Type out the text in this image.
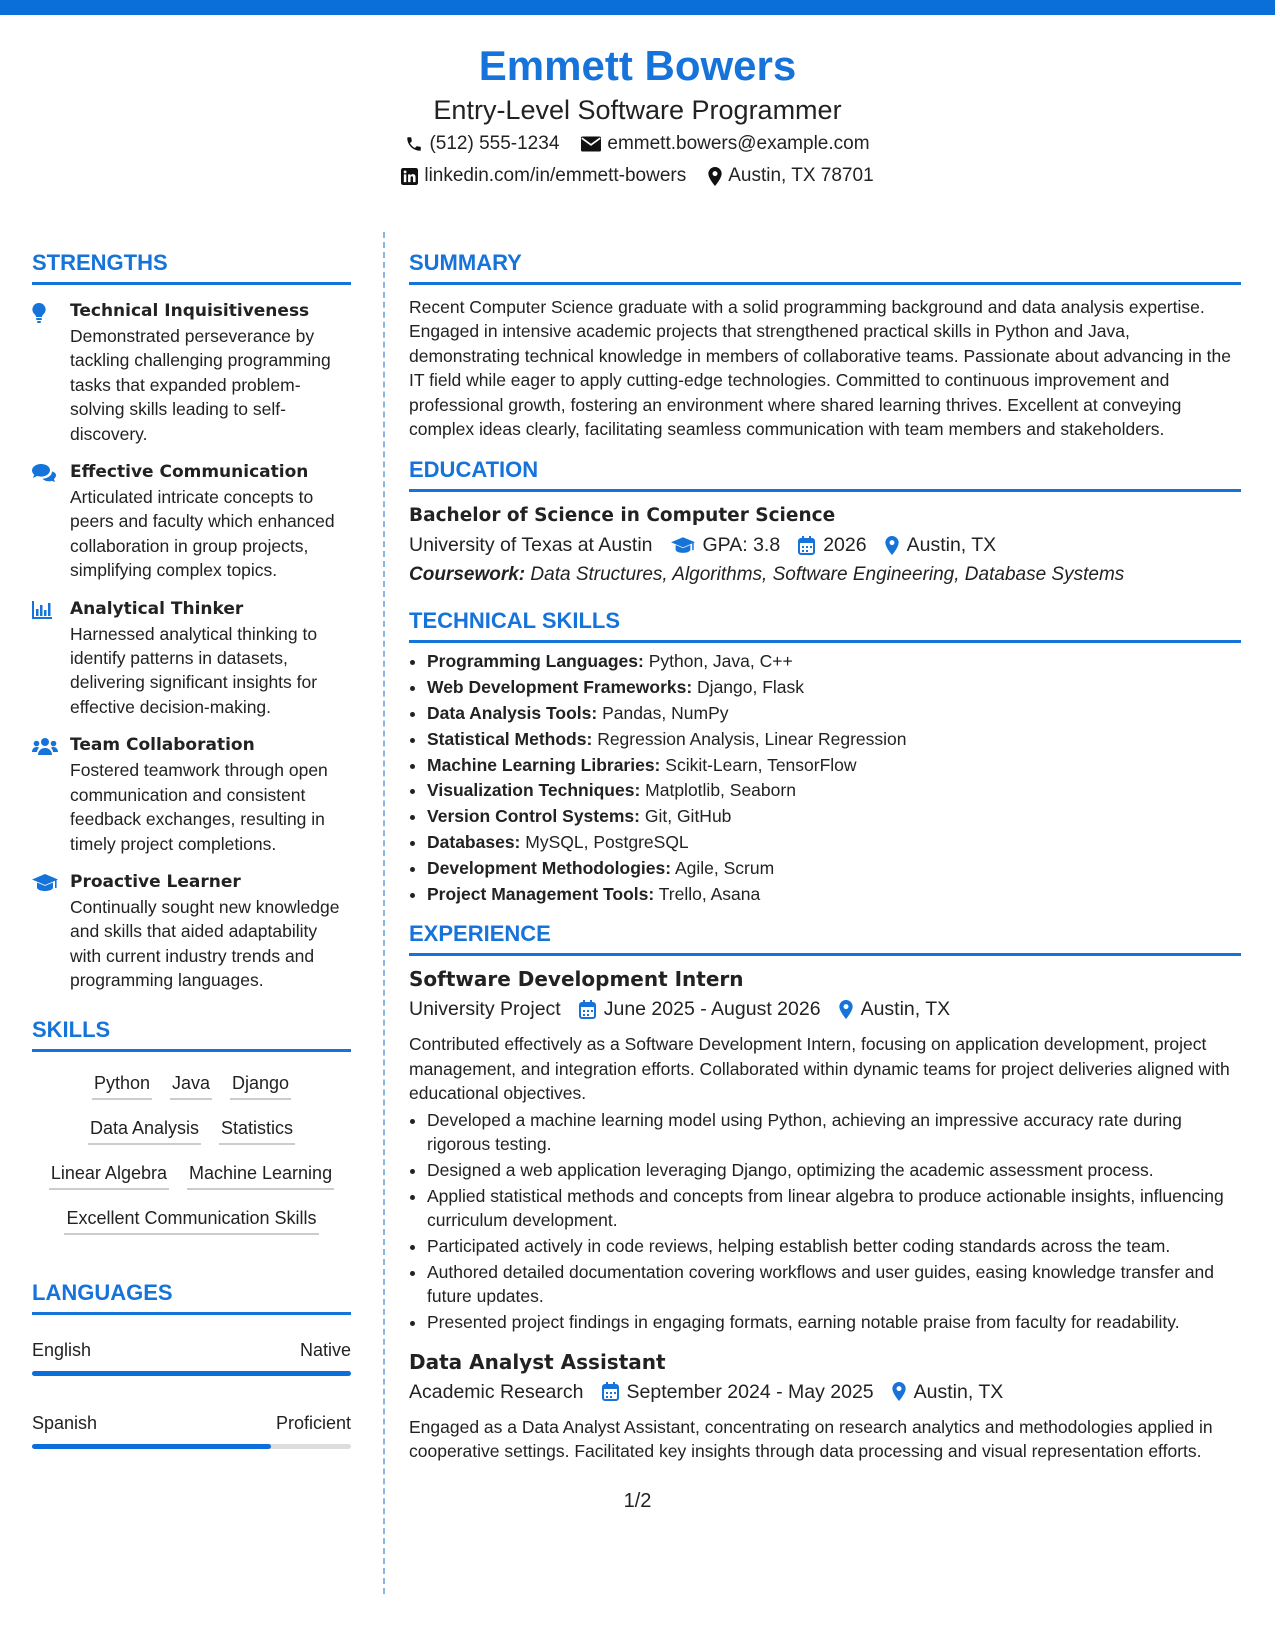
Emmett Bowers
Entry-Level Software Programmer
(512) 555-1234	emmett.bowers@example.com
linkedin.com/in/emmett-bowers Austin, TX 78701
STRENGTHS
Technical Inquisitiveness
Demonstrated perseverance by tackling challenging programming tasks that expanded problem-solving skills leading to self-discovery.
Effective Communication
Articulated intricate concepts to peers and faculty which enhanced collaboration in group projects, simplifying complex topics.
Analytical Thinker
Harnessed analytical thinking to identify patterns in datasets, delivering significant insights for effective decision-making.
Team Collaboration
Fostered teamwork through open communication and consistent feedback exchanges, resulting in timely project completions.
Proactive Learner
Continually sought new knowledge and skills that aided adaptability with current industry trends and programming languages.
SKILLS
Python Java Django
Data Analysis Statistics
Linear Algebra Machine Learning
Excellent Communication Skills
LANGUAGES
English	Native
Spanish	Proficient
SUMMARY

Recent Computer Science graduate with a solid programming background and data analysis expertise. Engaged in intensive academic projects that strengthened practical skills in Python and Java, demonstrating technical knowledge in members of collaborative teams. Passionate about advancing in the IT field while eager to apply cutting-edge technologies. Committed to continuous improvement and professional growth, fostering an environment where shared learning thrives. Excellent at conveying complex ideas clearly, facilitating seamless communication with team members and stakeholders.

EDUCATION
Bachelor of Science in Computer Science
University of Texas at Austin	GPA: 3.8 2026 Austin, TX
Coursework: Data Structures, Algorithms, Software Engineering, Database Systems
TECHNICAL SKILLS
• Programming Languages: Python, Java, C++
• Web Development Frameworks: Django, Flask
• Data Analysis Tools: Pandas, NumPy
• Statistical Methods: Regression Analysis, Linear Regression
• Machine Learning Libraries: Scikit-Learn, TensorFlow
• Visualization Techniques: Matplotlib, Seaborn
• Version Control Systems: Git, GitHub
• Databases: MySQL, PostgreSQL
• Development Methodologies: Agile, Scrum
• Project Management Tools: Trello, Asana
EXPERIENCE
Software Development Intern
University Project June 2025 - August 2026 Austin, TX

Contributed effectively as a Software Development Intern, focusing on application development, project management, and integration efforts. Collaborated within dynamic teams for project deliveries aligned with educational objectives.

• Developed a machine learning model using Python, achieving an impressive accuracy rate during rigorous testing.
• Designed a web application leveraging Django, optimizing the academic assessment process.
• Applied statistical methods and concepts from linear algebra to produce actionable insights, influencing curriculum development.
• Participated actively in code reviews, helping establish better coding standards across the team.
• Authored detailed documentation covering workflows and user guides, easing knowledge transfer and future updates.
• Presented project findings in engaging formats, earning notable praise from faculty for readability.
Data Analyst Assistant
Academic Research September 2024 - May 2025 Austin, TX

Engaged as a Data Analyst Assistant, concentrating on research analytics and methodologies applied in cooperative settings. Facilitated key insights through data processing and visual representation efforts.

1/2
